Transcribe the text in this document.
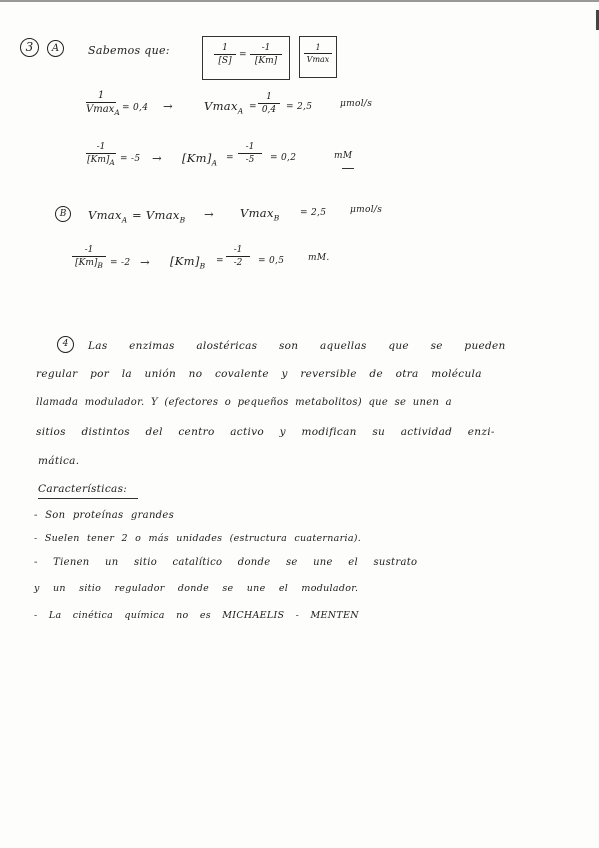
3	A	Sabemos que:	1
[S]
=
-1
[Km]
1
Vmax
1
Vmax$_A$ = 0,4 →	Vmax$_A$ =
1
0,4	= 2,5	μmol/s
-1
$[Km]_A = -5 \to [Km]_A$ =
-1
-5	= 0,2	mM
B	Vmax$_A$ = Vmax$_B$ → Vmax$_B$ = 2,5	μmol/s
-1
$[Km]_B = -2 \to [Km]_B$ =
-1
-2	= 0,5	mM.
4	Las enzimas alostéricas son aquellas que se pueden
regular por la unión no covalente y reversible de otra molécula
llamada modulador. Y (efectores o pequeños metabolitos) que se unen a
sitios distintos del centro activo y modifican su actividad enzi-
mática.
Características:
- Son proteínas grandes
- Suelen tener 2 o más unidades (estructura cuaternaria).
- Tienen un sitio catalítico donde se une el sustrato
y un sitio regulador donde se une el modulador.
- La cinética química no es MICHAELIS - MENTEN
